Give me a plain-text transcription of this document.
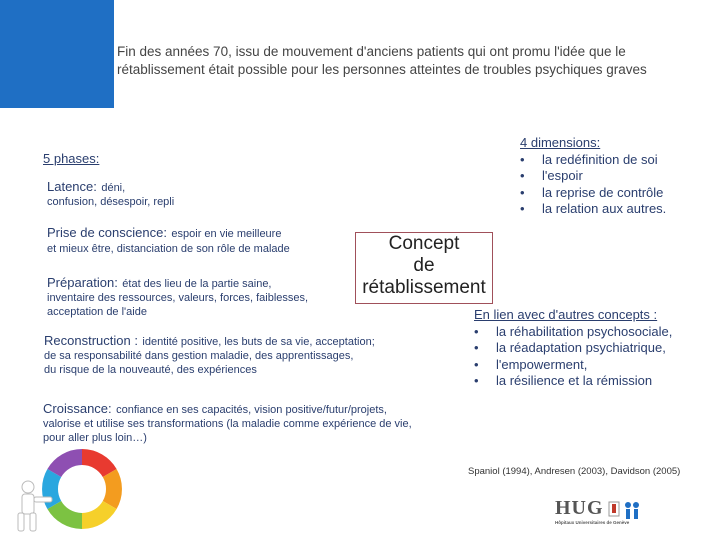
Fin des années 70, issu de mouvement d'anciens patients qui ont promu l'idée que le rétablissement était possible pour les personnes atteintes de troubles psychiques graves
5 phases:
Latence: déni,
confusion, désespoir, repli
Prise de conscience: espoir en vie meilleure
et mieux être, distanciation de son rôle de malade
Préparation: état des lieu de la partie saine,
inventaire des ressources, valeurs, forces, faiblesses,
acceptation de l'aide
Reconstruction : identité positive, les buts de sa vie, acceptation;
de sa responsabilité dans gestion maladie, des apprentissages,
du risque de la nouveauté, des expériences
Croissance: confiance en ses capacités, vision positive/futur/projets,
valorise et utilise ses transformations (la maladie comme expérience de vie,
pour aller plus loin…)
4 dimensions:
• la redéfinition de soi
• l'espoir
• la reprise de contrôle
• la relation aux autres.
Concept
de
rétablissement
En lien avec d'autres concepts :
• la réhabilitation psychosociale,
• la réadaptation psychiatrique,
• l'empowerment,
• la résilience et la rémission
Spaniol (1994), Andresen (2003), Davidson (2005)
HUG
Hôpitaux Universitaires de Genève
